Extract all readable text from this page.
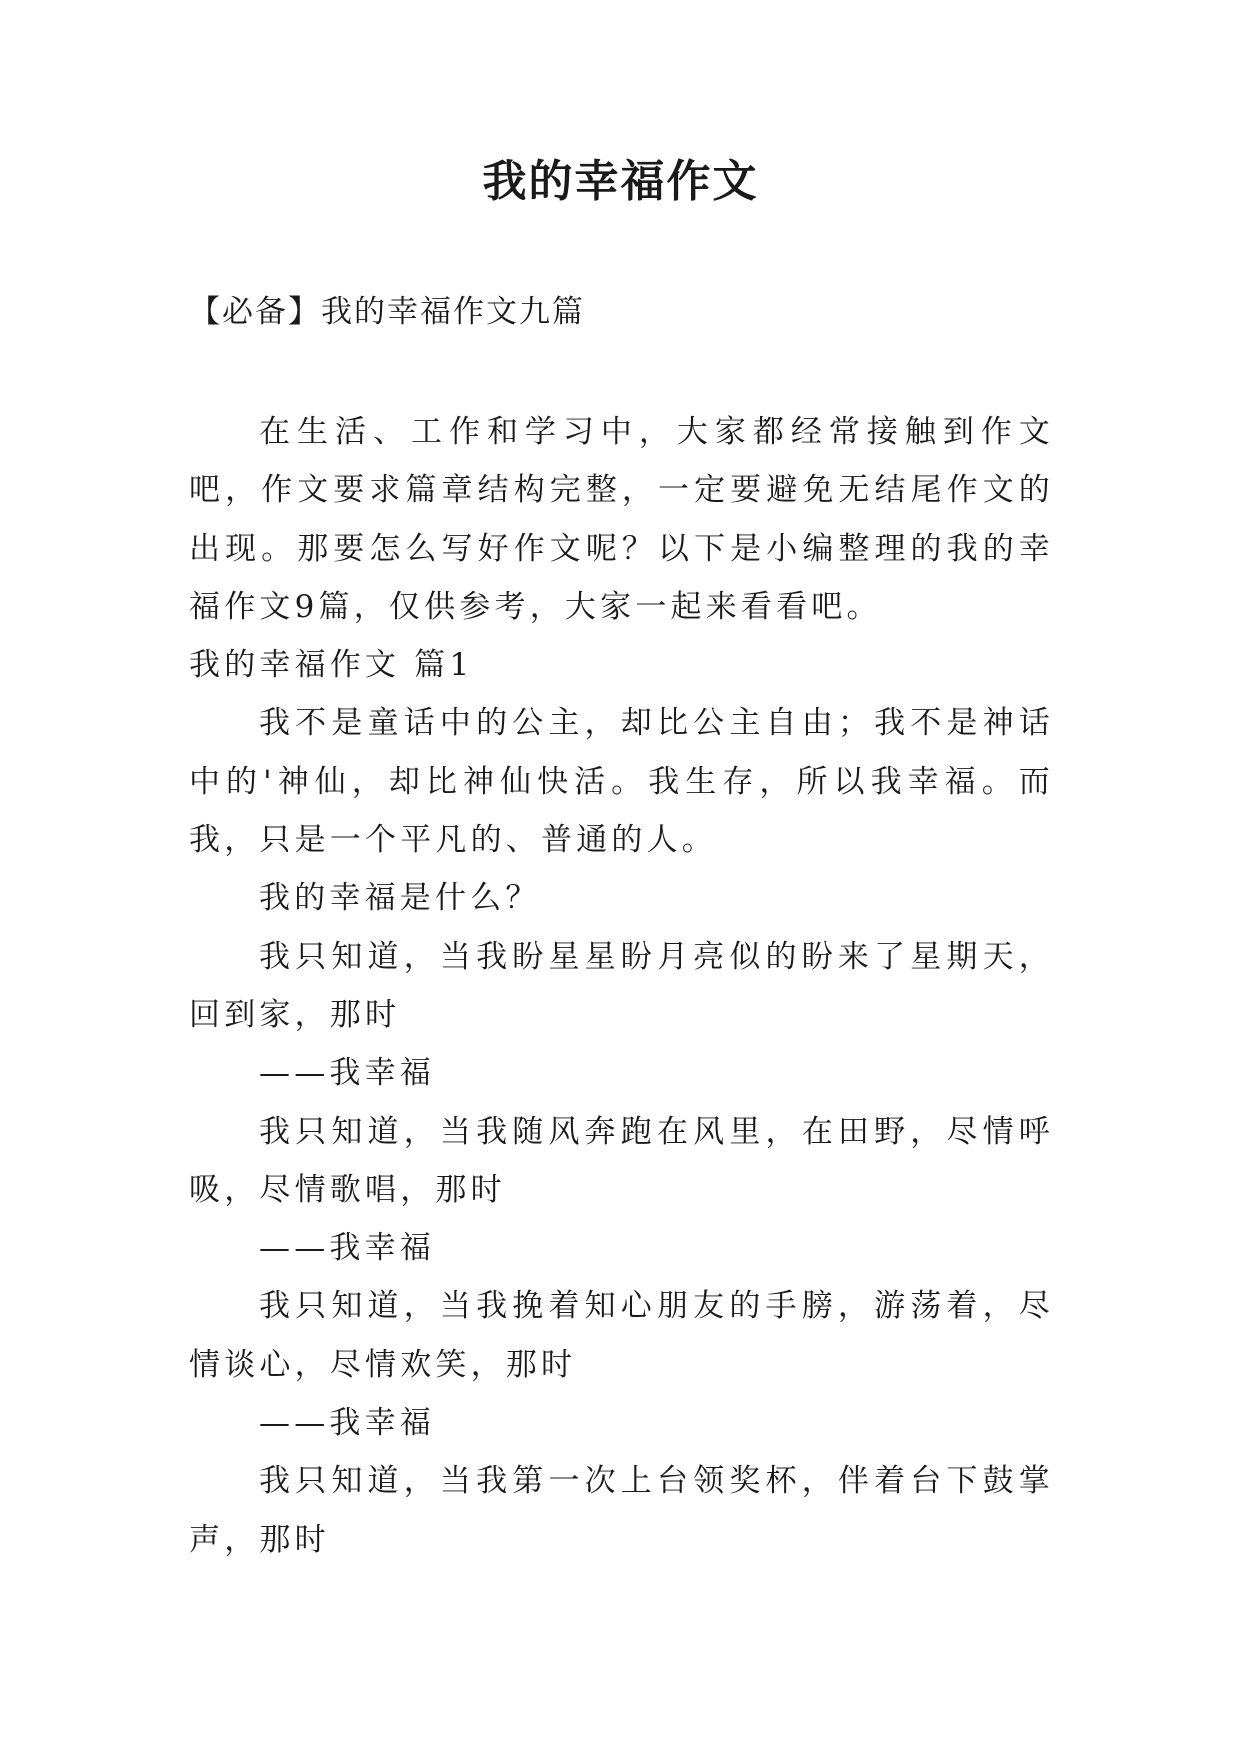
我的幸福作文
【必备】我的幸福作文九篇

在生活、工作和学习中，大家都经常接触到作文吧，作文要求篇章结构完整，一定要避免无结尾作文的出现。那要怎么写好作文呢？以下是小编整理的我的幸福作文9篇，仅供参考，大家一起来看看吧。

我的幸福作文 篇1

我不是童话中的公主，却比公主自由；我不是神话中的'神仙，却比神仙快活。我生存，所以我幸福。而我，只是一个平凡的、普通的人。

我的幸福是什么？

我只知道，当我盼星星盼月亮似的盼来了星期天，回到家，那时

——我幸福

我只知道，当我随风奔跑在风里，在田野，尽情呼吸，尽情歌唱，那时

——我幸福

我只知道，当我挽着知心朋友的手膀，游荡着，尽情谈心，尽情欢笑，那时

——我幸福

我只知道，当我第一次上台领奖杯，伴着台下鼓掌声，那时
